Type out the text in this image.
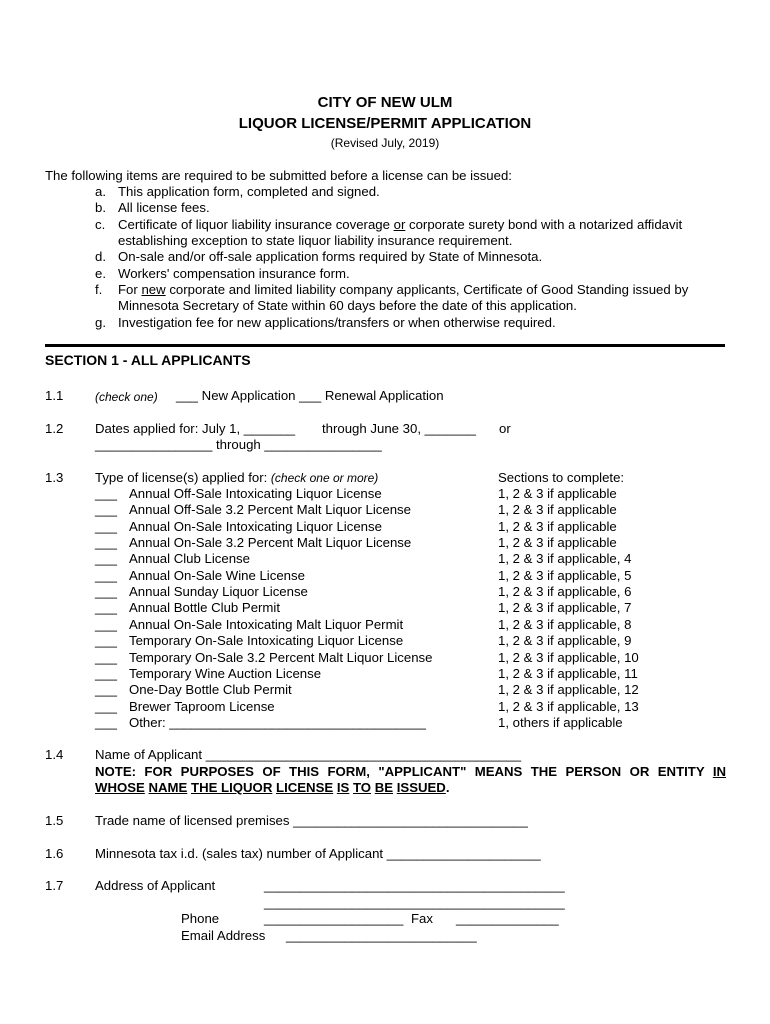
CITY OF NEW ULM
LIQUOR LICENSE/PERMIT APPLICATION
(Revised July, 2019)
The following items are required to be submitted before a license can be issued:
a. This application form, completed and signed.
b. All license fees.
c. Certificate of liquor liability insurance coverage or corporate surety bond with a notarized affidavit
establishing exception to state liquor liability insurance requirement.
d. On-sale and/or off-sale application forms required by State of Minnesota.
e. Workers' compensation insurance form.
f. For new corporate and limited liability company applicants, Certificate of Good Standing issued by
Minnesota Secretary of State within 60 days before the date of this application.
g. Investigation fee for new applications/transfers or when otherwise required.
SECTION 1 - ALL APPLICANTS
1.1	(check one) ___ New Application ___ Renewal Application
1.2 Dates applied for: July 1, _______ through June 30, _______ or
________________ through ________________
1.3 Type of license(s) applied for: (check one or more)	Sections to complete:
___ Annual Off-Sale Intoxicating Liquor License	1, 2 & 3 if applicable
___ Annual Off-Sale 3.2 Percent Malt Liquor License	1, 2 & 3 if applicable
___ Annual On-Sale Intoxicating Liquor License	1, 2 & 3 if applicable
___ Annual On-Sale 3.2 Percent Malt Liquor License	1, 2 & 3 if applicable
___ Annual Club License	1, 2 & 3 if applicable, 4
___ Annual On-Sale Wine License	1, 2 & 3 if applicable, 5
___ Annual Sunday Liquor License	1, 2 & 3 if applicable, 6
___ Annual Bottle Club Permit	1, 2 & 3 if applicable, 7
___ Annual On-Sale Intoxicating Malt Liquor Permit	1, 2 & 3 if applicable, 8
___ Temporary On-Sale Intoxicating Liquor License	1, 2 & 3 if applicable, 9
___ Temporary On-Sale 3.2 Percent Malt Liquor License	1, 2 & 3 if applicable, 10
___ Temporary Wine Auction License	1, 2 & 3 if applicable, 11
___ One-Day Bottle Club Permit	1, 2 & 3 if applicable, 12
___ Brewer Taproom License	1, 2 & 3 if applicable, 13
___ Other: ___________________________________	1, others if applicable
1.4 Name of Applicant ___________________________________________
NOTE: FOR PURPOSES OF THIS FORM, "APPLICANT" MEANS THE PERSON OR ENTITY IN
WHOSE NAME THE LIQUOR LICENSE IS TO BE ISSUED.
1.5 Trade name of licensed premises ________________________________
1.6 Minnesota tax i.d. (sales tax) number of Applicant _____________________
1.7 Address of Applicant	_________________________________________
_________________________________________
Phone	___________________ Fax ______________
Email Address __________________________
